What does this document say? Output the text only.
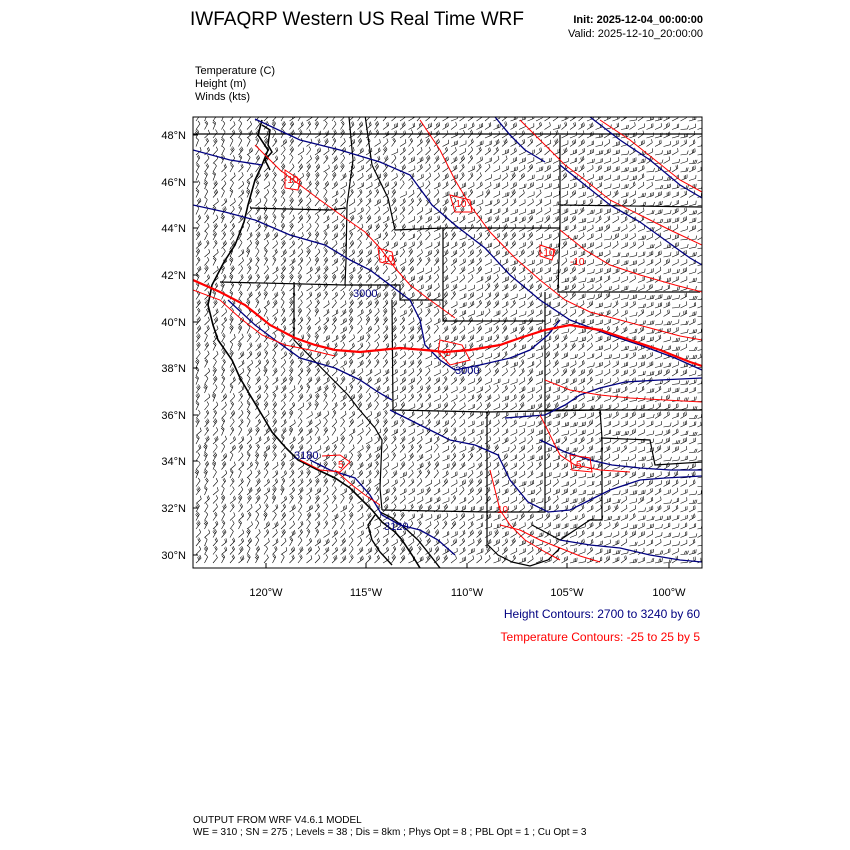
IWFAQRP Western US Real Time WRF	Init: 2025-12-04_00:00:00
Valid: 2025-12-10_20:00:00
Temperature (C)
Height (m)
Winds (kts)
3000
3000
3120
3180
-10
-10
-10
-10
-10
-5
5	5
10
48°N
46°N
44°N
42°N
40°N
38°N
36°N
34°N
32°N
30°N
120°W	115°W	110°W	105°W	100°W
Height Contours: 2700 to 3240 by 60
Temperature Contours: -25 to 25 by 5
OUTPUT FROM WRF V4.6.1 MODEL
WE = 310 ; SN = 275 ; Levels = 38 ; Dis = 8km ; Phys Opt = 8 ; PBL Opt = 1 ; Cu Opt = 3
